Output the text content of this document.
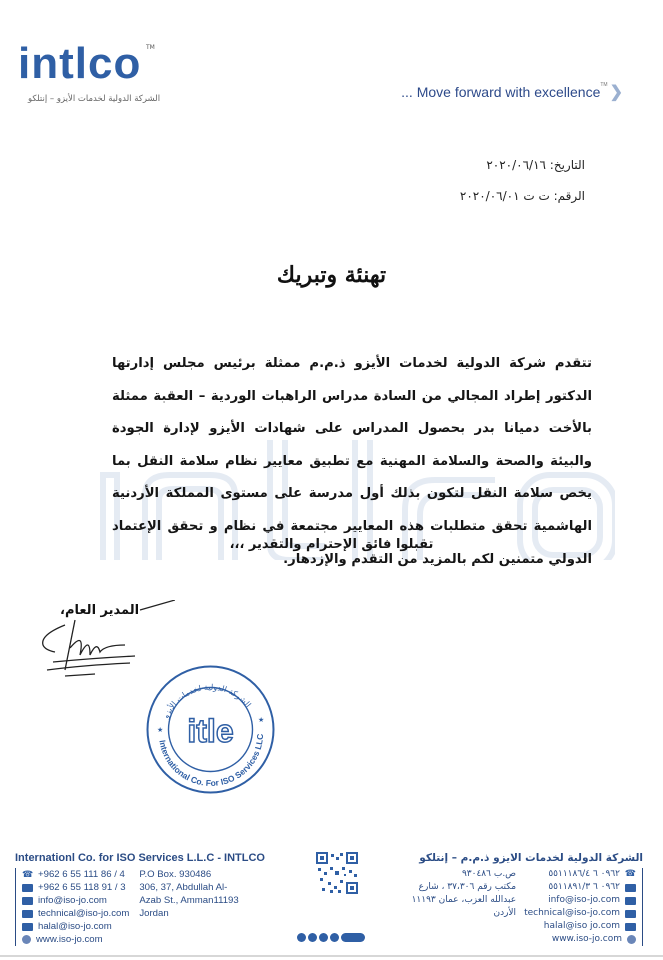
intlco TM
الشركة الدولية لخدمات الأيزو – إنتلكو	... Move forward with excellence™ ❯
التاريخ: ٢٠٢٠/٠٦/١٦
الرقم: ت ت ٢٠٢٠/٠٦/٠١
تهنئة وتبريك
تتقدم شركة الدولية لخدمات الأيزو ذ.م.م ممثلة برئيس مجلس إدارتها الدكتور إطراد المجالي من السادة مدراس الراهبات الوردية – العقبة ممثلة بالأخت دميانا بدر بحصول المدراس على شهادات الأيزو لإدارة الجودة والبيئة والصحة والسلامة المهنية مع تطبيق معايير نظام سلامة النقل بما يخص سلامة النقل لتكون بذلك أول مدرسة على مستوى المملكة الأردنية الهاشمية تحقق متطلبات هذه المعايير مجتمعة في نظام و تحقق الإعتماد الدولي متمنين لكم بالمزيد من التقدم والإزدهار.
تقبلوا فائق الإحترام والتقدير ،،،
المدير العام،
الشركة الدولية لخدمات الأيزو
International Co. For ISO Services LLC
itle
★
★
Internationl Co. for ISO Services L.L.C - INTLCO
☎ +962 6 55 111 86 / 4
+962 6 55 118 91 / 3
info@iso-jo.com
technical@iso-jo.com
halal@iso-jo.com
www.iso-jo.com
P.O Box. 930486
306, 37, Abdullah Al-
Azab St., Amman11193
Jordan
الشركة الدولية لخدمات الايزو ذ.م.م – إنتلكو
☎
٠٩٦٢ ٦ ٥٥١١١٨٦/٤
٠٩٦٢ ٦ ٥٥١١٨٩١/٣
info@iso-jo.com
technical@iso-jo.com
halal@iso jo.com
www.iso-jo.com
ص.ب ٩٣٠٤٨٦
مكتب رقم ٣٧،٣٠٦ ، شارع
عبدالله العزب، عمان ١١١٩٣
الأردن
